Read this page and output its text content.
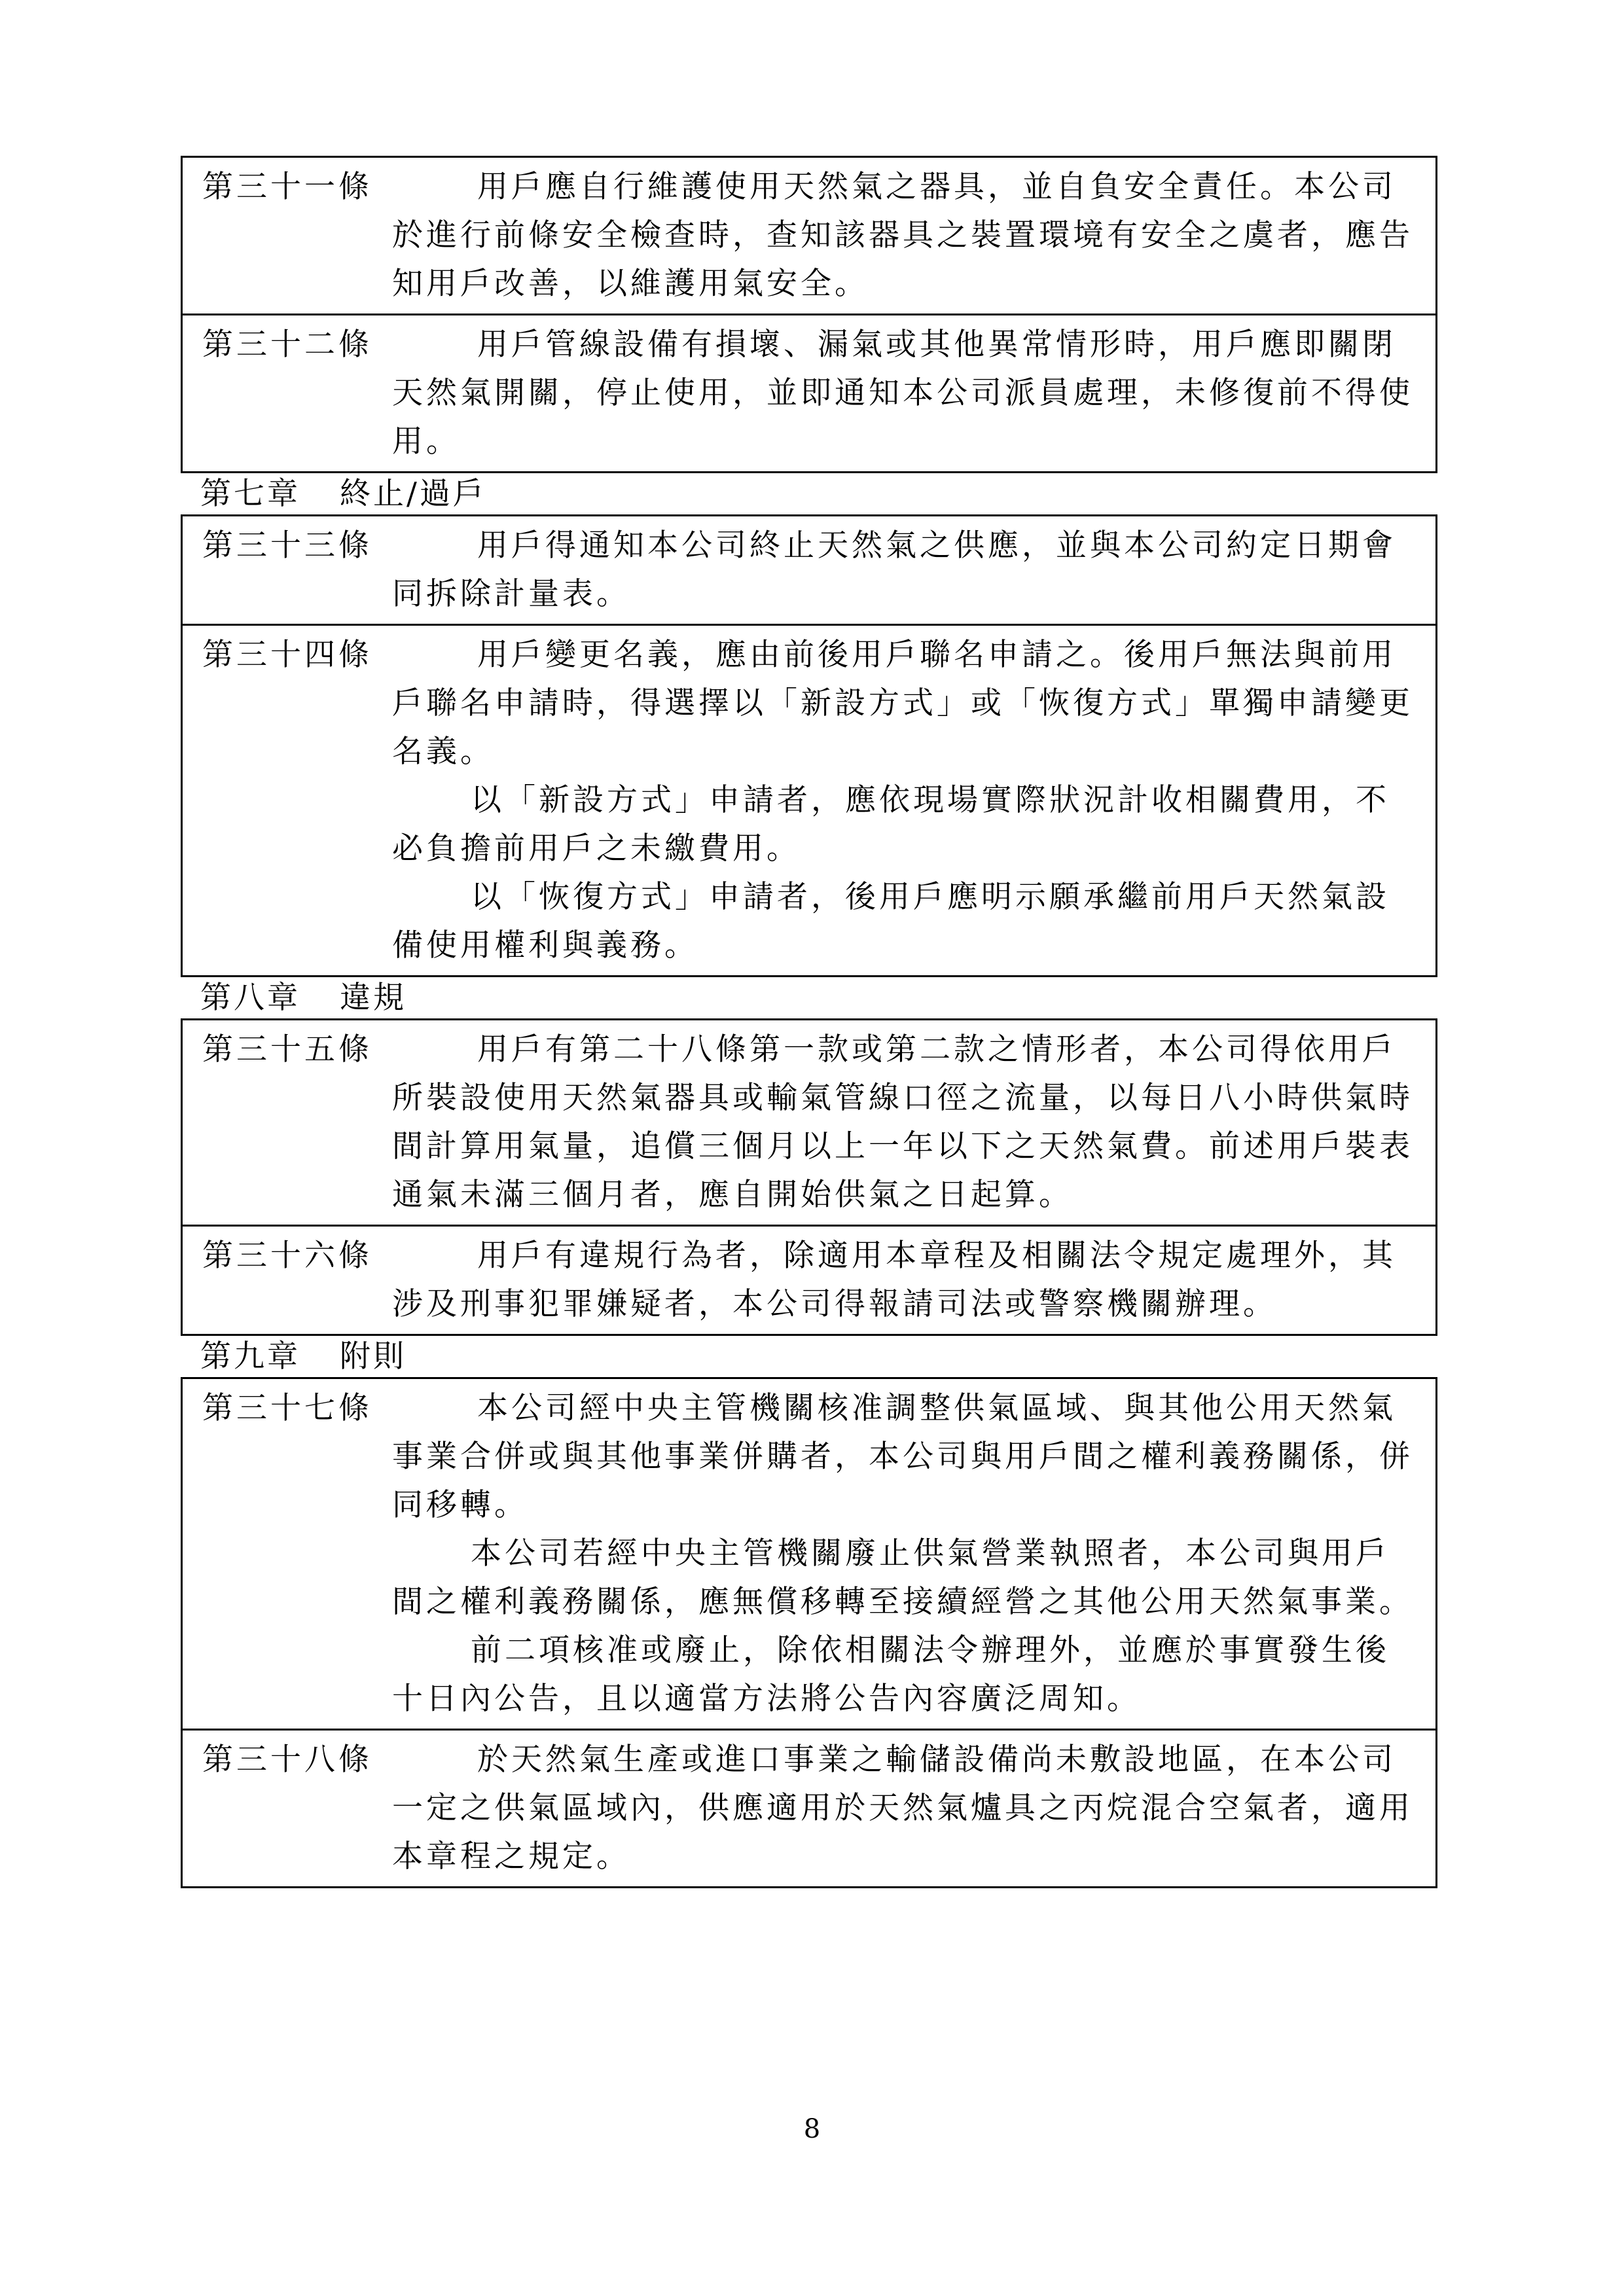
第三十一條	用戶應自行維護使用天然氣之器具，並自負安全責任。本公司於進行前條安全檢查時，查知該器具之裝置環境有安全之虞者，應告知用戶改善，以維護用氣安全。

第三十二條	用戶管線設備有損壞、漏氣或其他異常情形時，用戶應即關閉天然氣開關，停止使用，並即通知本公司派員處理，未修復前不得使用。

第七章 終止/過戶
第三十三條	用戶得通知本公司終止天然氣之供應，並與本公司約定日期會同拆除計量表。

第三十四條	用戶變更名義，應由前後用戶聯名申請之。後用戶無法與前用戶聯名申請時，得選擇以「新設方式」或「恢復方式」單獨申請變更名義。

以「新設方式」申請者，應依現場實際狀況計收相關費用，不必負擔前用戶之未繳費用。

以「恢復方式」申請者，後用戶應明示願承繼前用戶天然氣設備使用權利與義務。

第八章 違規
第三十五條	用戶有第二十八條第一款或第二款之情形者，本公司得依用戶所裝設使用天然氣器具或輸氣管線口徑之流量，以每日八小時供氣時間計算用氣量，追償三個月以上一年以下之天然氣費。前述用戶裝表通氣未滿三個月者，應自開始供氣之日起算。

第三十六條	用戶有違規行為者，除適用本章程及相關法令規定處理外，其涉及刑事犯罪嫌疑者，本公司得報請司法或警察機關辦理。

第九章 附則
第三十七條	本公司經中央主管機關核准調整供氣區域、與其他公用天然氣事業合併或與其他事業併購者，本公司與用戶間之權利義務關係，併同移轉。

本公司若經中央主管機關廢止供氣營業執照者，本公司與用戶間之權利義務關係，應無償移轉至接續經營之其他公用天然氣事業。

前二項核准或廢止，除依相關法令辦理外，並應於事實發生後十日內公告，且以適當方法將公告內容廣泛周知。

第三十八條	於天然氣生產或進口事業之輸儲設備尚未敷設地區，在本公司一定之供氣區域內，供應適用於天然氣爐具之丙烷混合空氣者，適用本章程之規定。

8
